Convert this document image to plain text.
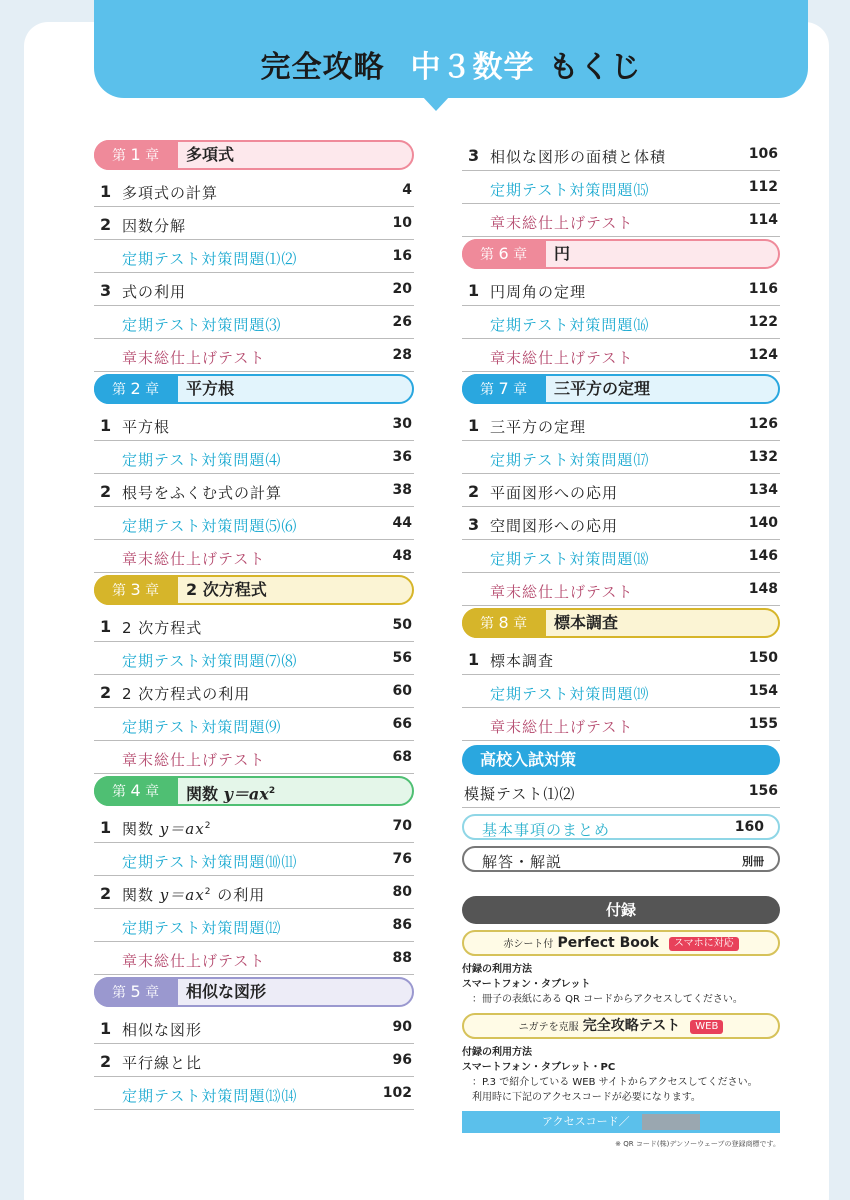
完全攻略 中３数学 もくじ
第 1 章	多項式
1 多項式の計算	4
2 因数分解	10
定期テスト対策問題⑴⑵	16
3 式の利用	20
定期テスト対策問題⑶	26
章末総仕上げテスト	28
第 2 章	平方根
1 平方根	30
定期テスト対策問題⑷	36
2 根号をふくむ式の計算	38
定期テスト対策問題⑸⑹	44
章末総仕上げテスト	48
第 3 章	2 次方程式
1 2 次方程式	50
定期テスト対策問題⑺⑻	56
2 2 次方程式の利用	60
定期テスト対策問題⑼	66
章末総仕上げテスト	68
第 4 章	関数 $y=ax^2$
1 関数 $y=ax^2$	70
定期テスト対策問題⑽⑾	76
2 関数 $y=ax^2$ の利用	80
定期テスト対策問題⑿	86
章末総仕上げテスト	88
第 5 章	相似な図形
1 相似な図形	90
2 平行線と比	96
定期テスト対策問題⒀⒁	102
3 相似な図形の面積と体積	106
定期テスト対策問題⒂	112
章末総仕上げテスト	114
第 6 章	円
1 円周角の定理	116
定期テスト対策問題⒃	122
章末総仕上げテスト	124
第 7 章	三平方の定理
1 三平方の定理	126
定期テスト対策問題⒄	132
2 平面図形への応用	134
3 空間図形への応用	140
定期テスト対策問題⒅	146
章末総仕上げテスト	148
第 8 章	標本調査
1 標本調査	150
定期テスト対策問題⒆	154
章末総仕上げテスト	155
高校入試対策
模擬テスト⑴⑵	156
基本事項のまとめ	160
解答・解説	別冊
付録
赤シート付 Perfect Book スマホに対応
付録の利用方法
スマートフォン・タブレット
：冊子の表紙にある QR コードからアクセスしてください。
ニガテを克服 完全攻略テスト WEB
付録の利用方法
スマートフォン・タブレット・PC
：P.3 で紹介している WEB サイトからアクセスしてください。
利用時に下記のアクセスコードが必要になります。
アクセスコード／
※ QR コード(株)デンソーウェーブの登録商標です。
